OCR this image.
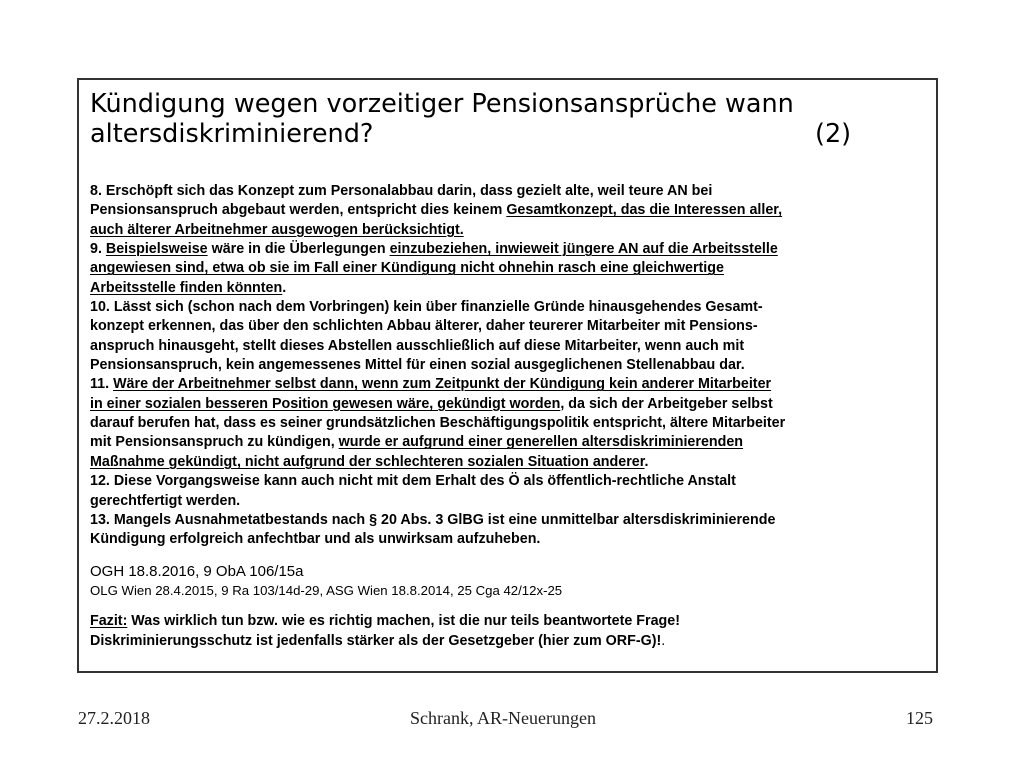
Kündigung wegen vorzeitiger Pensionsansprüche wann
altersdiskriminierend?	(2)
8. Erschöpft sich das Konzept zum Personalabbau darin, dass gezielt alte, weil teure AN bei
Pensionsanspruch abgebaut werden, entspricht dies keinem Gesamtkonzept, das die Interessen aller,
auch älterer Arbeitnehmer ausgewogen berücksichtigt.
9. Beispielsweise wäre in die Überlegungen einzubeziehen, inwieweit jüngere AN auf die Arbeitsstelle
angewiesen sind, etwa ob sie im Fall einer Kündigung nicht ohnehin rasch eine gleichwertige
Arbeitsstelle finden könnten.
10. Lässt sich (schon nach dem Vorbringen) kein über finanzielle Gründe hinausgehendes Gesamt-
konzept erkennen, das über den schlichten Abbau älterer, daher teurerer Mitarbeiter mit Pensions-
anspruch hinausgeht, stellt dieses Abstellen ausschließlich auf diese Mitarbeiter, wenn auch mit
Pensionsanspruch, kein angemessenes Mittel für einen sozial ausgeglichenen Stellenabbau dar.
11. Wäre der Arbeitnehmer selbst dann, wenn zum Zeitpunkt der Kündigung kein anderer Mitarbeiter
in einer sozialen besseren Position gewesen wäre, gekündigt worden, da sich der Arbeitgeber selbst
darauf berufen hat, dass es seiner grundsätzlichen Beschäftigungspolitik entspricht, ältere Mitarbeiter
mit Pensionsanspruch zu kündigen, wurde er aufgrund einer generellen altersdiskriminierenden
Maßnahme gekündigt, nicht aufgrund der schlechteren sozialen Situation anderer.
12. Diese Vorgangsweise kann auch nicht mit dem Erhalt des Ö als öffentlich-rechtliche Anstalt
gerechtfertigt werden.
13. Mangels Ausnahmetatbestands nach § 20 Abs. 3 GlBG ist eine unmittelbar altersdiskriminierende
Kündigung erfolgreich anfechtbar und als unwirksam aufzuheben.
OGH 18.8.2016, 9 ObA 106/15a
OLG Wien 28.4.2015, 9 Ra 103/14d-29, ASG Wien 18.8.2014, 25 Cga 42/12x-25
Fazit: Was wirklich tun bzw. wie es richtig machen, ist die nur teils beantwortete Frage!
Diskriminierungsschutz ist jedenfalls stärker als der Gesetzgeber (hier zum ORF-G)!.
27.2.2018	Schrank, AR-Neuerungen	125
